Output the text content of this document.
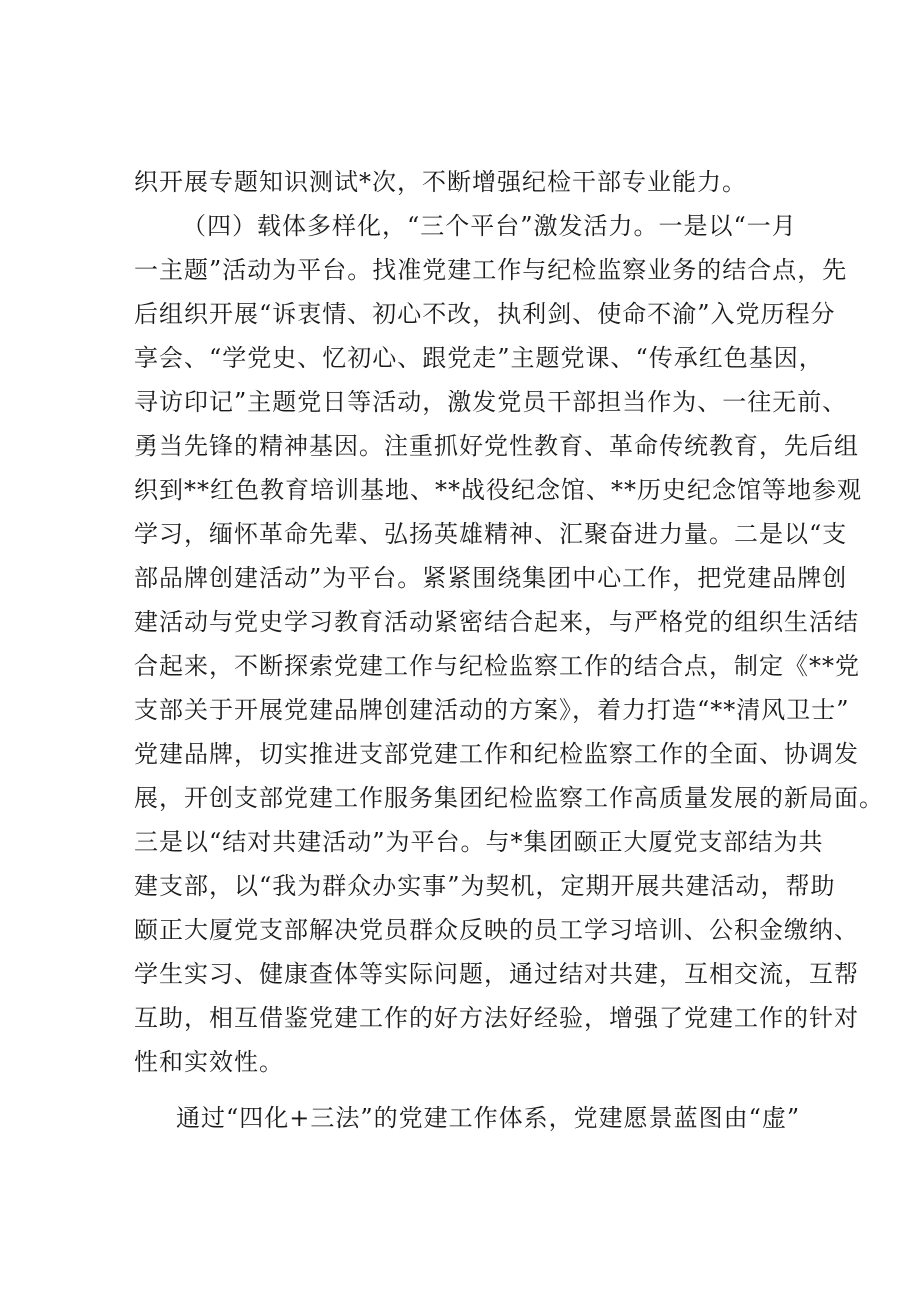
织开展专题知识测试*次，不断增强纪检干部专业能力。
（四）载体多样化，“三个平台”激发活力。一是以“一月
一主题”活动为平台。找准党建工作与纪检监察业务的结合点，先
后组织开展“诉衷情、初心不改，执利剑、使命不渝”入党历程分
享会、“学党史、忆初心、跟党走”主题党课、“传承红色基因，
寻访印记”主题党日等活动，激发党员干部担当作为、一往无前、
勇当先锋的精神基因。注重抓好党性教育、革命传统教育，先后组
织到**红色教育培训基地、**战役纪念馆、**历史纪念馆等地参观
学习，缅怀革命先辈、弘扬英雄精神、汇聚奋进力量。二是以“支
部品牌创建活动”为平台。紧紧围绕集团中心工作，把党建品牌创
建活动与党史学习教育活动紧密结合起来，与严格党的组织生活结
合起来，不断探索党建工作与纪检监察工作的结合点，制定《**党
支部关于开展党建品牌创建活动的方案》，着力打造“**清风卫士”
党建品牌，切实推进支部党建工作和纪检监察工作的全面、协调发
展，开创支部党建工作服务集团纪检监察工作高质量发展的新局面。
三是以“结对共建活动”为平台。与*集团颐正大厦党支部结为共
建支部，以“我为群众办实事”为契机，定期开展共建活动，帮助
颐正大厦党支部解决党员群众反映的员工学习培训、公积金缴纳、
学生实习、健康查体等实际问题，通过结对共建，互相交流，互帮
互助，相互借鉴党建工作的好方法好经验，增强了党建工作的针对
性和实效性。
通过“四化+三法”的党建工作体系，党建愿景蓝图由“虚”
